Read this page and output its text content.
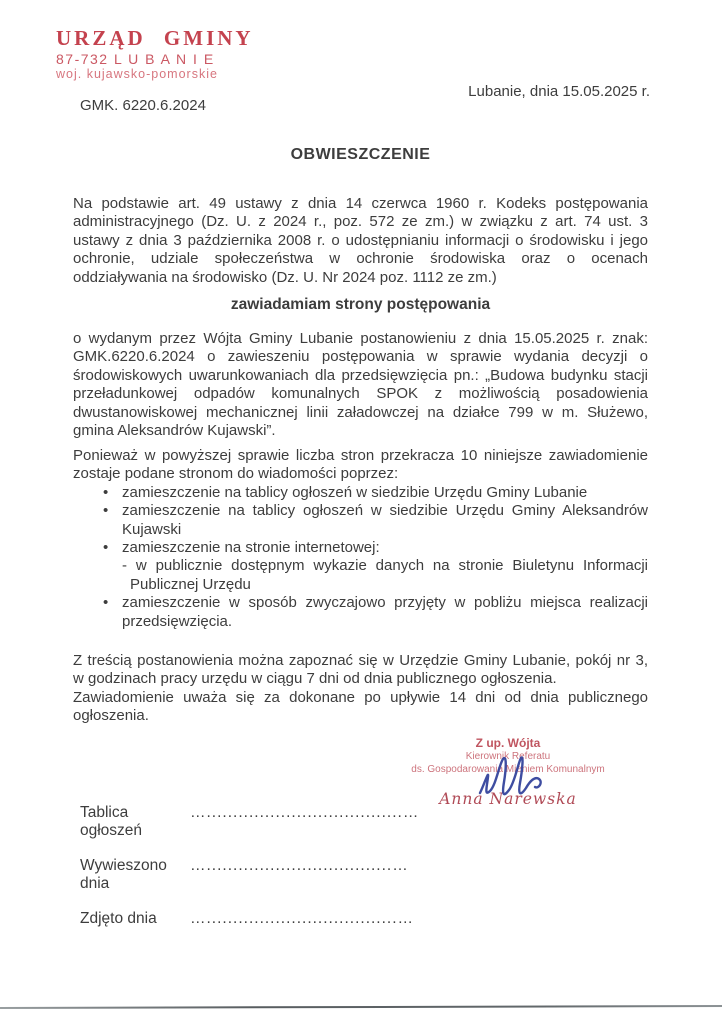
URZĄD GMINY
87-732 L U B A N I E
woj. kujawsko-pomorskie
Lubanie, dnia 15.05.2025 r.
GMK. 6220.6.2024
OBWIESZCZENIE

Na podstawie art. 49 ustawy z dnia 14 czerwca 1960 r. Kodeks postępowania administracyjnego (Dz. U. z 2024 r., poz. 572 ze zm.) w związku z art. 74 ust. 3 ustawy z dnia 3 października 2008 r. o udostępnianiu informacji o środowisku i jego ochronie, udziale społeczeństwa w ochronie środowiska oraz o ocenach oddziaływania na środowisko (Dz. U. Nr 2024 poz. 1112 ze zm.)

zawiadamiam strony postępowania

o wydanym przez Wójta Gminy Lubanie postanowieniu z dnia 15.05.2025 r. znak: GMK.6220.6.2024 o zawieszeniu postępowania w sprawie wydania decyzji o środowiskowych uwarunkowaniach dla przedsięwzięcia pn.: „Budowa budynku stacji przeładunkowej odpadów komunalnych SPOK z możliwością posadowienia dwustanowiskowej mechanicznej linii załadowczej na działce 799 w m. Służewo, gmina Aleksandrów Kujawski”.

Ponieważ w powyższej sprawie liczba stron przekracza 10 niniejsze zawiadomienie zostaje podane stronom do wiadomości poprzez:

• zamieszczenie na tablicy ogłoszeń w siedzibie Urzędu Gminy Lubanie
• zamieszczenie na tablicy ogłoszeń w siedzibie Urzędu Gminy Aleksandrów Kujawski
• zamieszczenie na stronie internetowej:
- w publicznie dostępnym wykazie danych na stronie Biuletynu Informacji Publicznej Urzędu
• zamieszczenie w sposób zwyczajowo przyjęty w pobliżu miejsca realizacji przedsięwzięcia.

Z treścią postanowienia można zapoznać się w Urzędzie Gminy Lubanie, pokój nr 3, w godzinach pracy urzędu w ciągu 7 dni od dnia publicznego ogłoszenia.

Zawiadomienie uważa się za dokonane po upływie 14 dni od dnia publicznego ogłoszenia.

Z up. Wójta
Kierownik Referatu
ds. Gospodarowania Mieniem Komunalnym
Anna Narewska
Tablica ogłoszeń
….....................................…
Wywieszono dnia
…...................................…
Zdjęto dnia	…....................................…
